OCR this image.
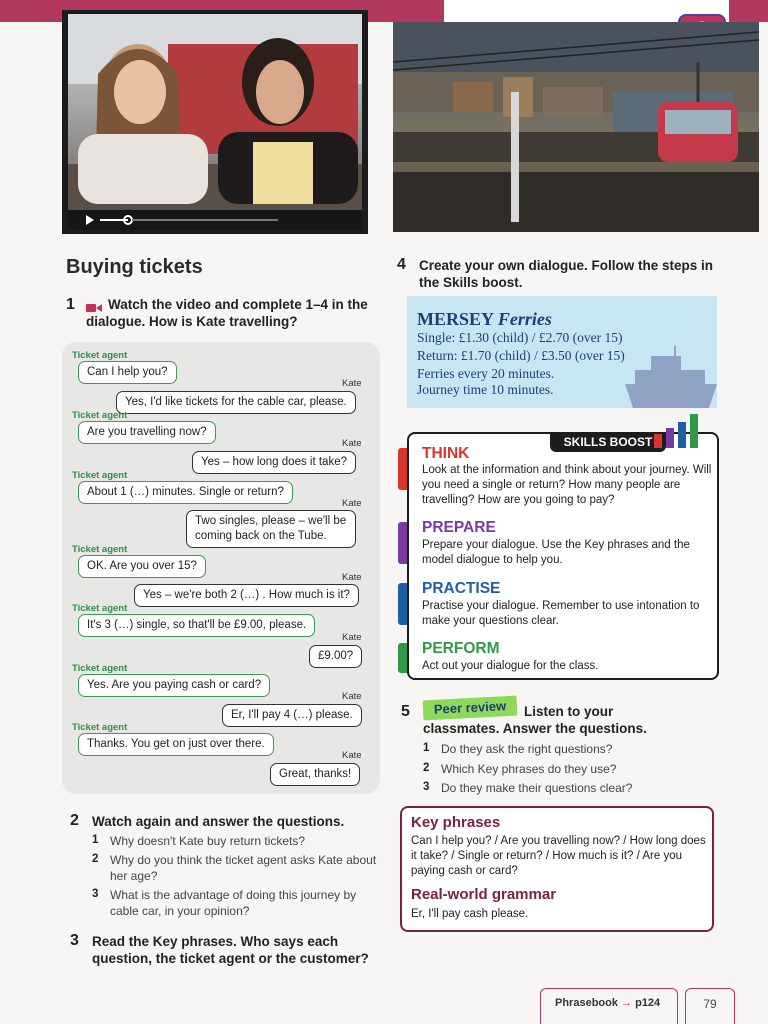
Buying tickets
1	Watch the video and complete 1–4 in the dialogue. How is Kate travelling?
Ticket agent
Can I help you?
Kate
Yes, I'd like tickets for the cable car, please.
Ticket agent
Are you travelling now?
Kate
Yes – how long does it take?
Ticket agent
About 1 (…) minutes. Single or return?
Kate
Two singles, please – we'll be coming back on the Tube.
Ticket agent
OK. Are you over 15?
Kate
Yes – we're both 2 (…) . How much is it?
Ticket agent
It's 3 (…) single, so that'll be £9.00, please.
Kate
£9.00?
Ticket agent
Yes. Are you paying cash or card?
Kate
Er, I'll pay 4 (…) please.
Ticket agent
Thanks. You get on just over there.
Kate
Great, thanks!
2 Watch again and answer the questions.
1 Why doesn't Kate buy return tickets?
2 Why do you think the ticket agent asks Kate about her age?
3 What is the advantage of doing this journey by cable car, in your opinion?
3 Read the Key phrases. Who says each question, the ticket agent or the customer?
4 Create your own dialogue. Follow the steps in the Skills boost.
MERSEY Ferries
Single: £1.30 (child) / £2.70 (over 15)
Return: £1.70 (child) / £3.50 (over 15)
Ferries every 20 minutes.
Journey time 10 minutes.
SKILLS BOOST
THINK
Look at the information and think about your journey. Will you need a single or return? How many people are travelling? How are you going to pay?
PREPARE
Prepare your dialogue. Use the Key phrases and the model dialogue to help you.
PRACTISE
Practise your dialogue. Remember to use intonation to make your questions clear.
PERFORM
Act out your dialogue for the class.
5	Peer review	Listen to your classmates. Answer the questions.
1 Do they ask the right questions?
2 Which Key phrases do they use?
3 Do they make their questions clear?
Key phrases
Can I help you? / Are you travelling now? / How long does it take? / Single or return? / How much is it? / Are you paying cash or card?
Real-world grammar
Er, I'll pay cash please.
Phrasebook → p124	79
